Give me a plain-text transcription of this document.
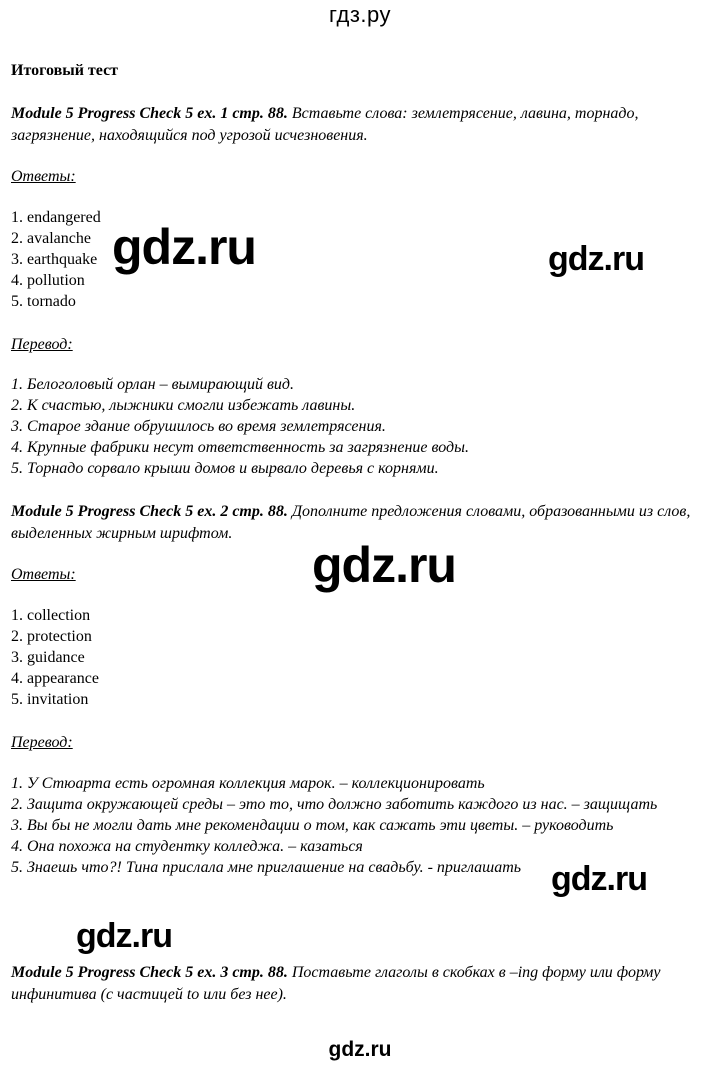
гдз.ру
Итоговый тест
Module 5 Progress Check 5 ex. 1 стр. 88. Вставьте слова: землетрясение, лавина, торнадо, загрязнение, находящийся под угрозой исчезновения.
Ответы:
1. endangered
2. avalanche
3. earthquake
4. pollution
5. tornado
Перевод:
1. Белоголовый орлан – вымирающий вид.
2. К счастью, лыжники смогли избежать лавины.
3. Старое здание обрушилось во время землетрясения.
4. Крупные фабрики несут ответственность за загрязнение воды.
5. Торнадо сорвало крыши домов и вырвало деревья с корнями.
Module 5 Progress Check 5 ex. 2 стр. 88. Дополните предложения словами, образованными из слов, выделенных жирным шрифтом.
Ответы:
1. collection
2. protection
3. guidance
4. appearance
5. invitation
Перевод:
1. У Стюарта есть огромная коллекция марок. – коллекционировать
2. Защита окружающей среды – это то, что должно заботить каждого из нас. – защищать
3. Вы бы не могли дать мне рекомендации о том, как сажать эти цветы. – руководить
4. Она похожа на студентку колледжа. – казаться
5. Знаешь что?! Тина прислала мне приглашение на свадьбу. - приглашать
Module 5 Progress Check 5 ex. 3 стр. 88. Поставьте глаголы в скобках в –ing форму или форму инфинитива (с частицей to или без нее).
gdz.ru	gdz.ru
gdz.ru
gdz.ru
gdz.ru
gdz.ru
